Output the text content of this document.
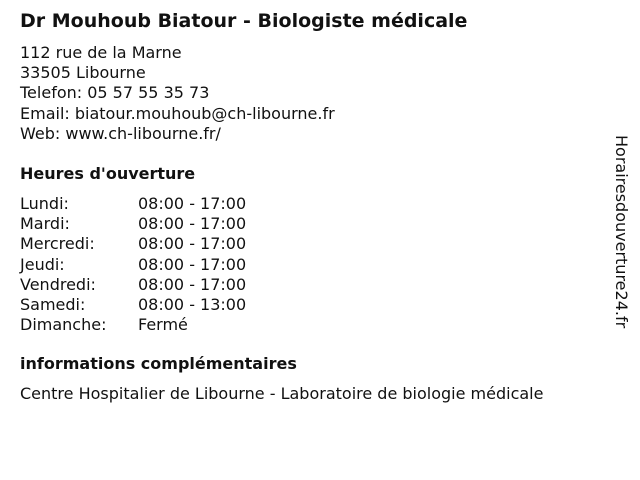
Dr Mouhoub Biatour - Biologiste médicale
112 rue de la Marne
33505 Libourne
Telefon: 05 57 55 35 73
Email: biatour.mouhoub@ch-libourne.fr
Web: www.ch-libourne.fr/
Heures d'ouverture
Lundi:	08:00 - 17:00
Mardi:	08:00 - 17:00
Mercredi:	08:00 - 17:00
Jeudi:	08:00 - 17:00
Vendredi:	08:00 - 17:00
Samedi:	08:00 - 13:00
Dimanche: Fermé
informations complémentaires
Centre Hospitalier de Libourne - Laboratoire de biologie médicale
Horairesdouverture24.fr
